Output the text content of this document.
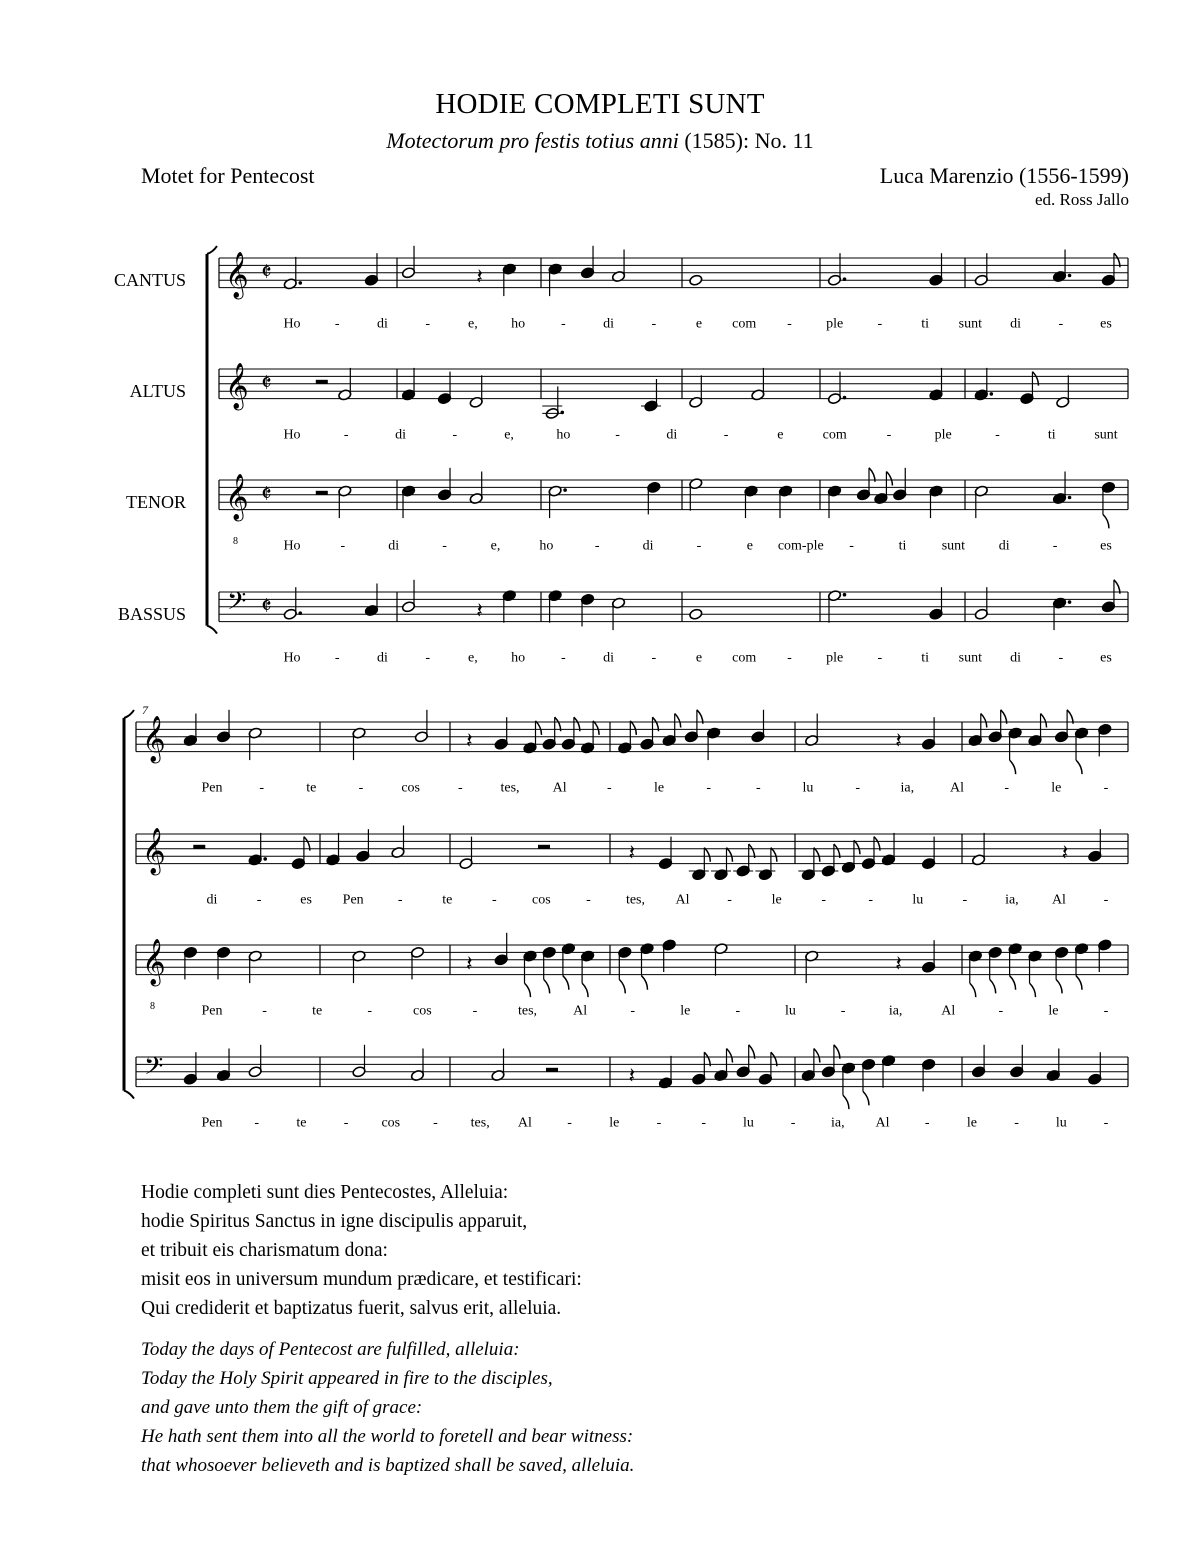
HODIE COMPLETI SUNT
Motectorum pro festis totius anni (1585): No. 11
Motet for Pentecost	Luca Marenzio (1556-1599)
ed. Ross Jallo
𝄞 𝄵	𝄽
Ho -	di	-	e, ho	-	di	-	e com - ple -	ti sunt di	-	es
CANTUS
𝄞 𝄵
Ho	-	di	-	e,	ho	-	di	-	e	com	-	ple	-	ti	sunt
ALTUS
𝄞
8
𝄵
Ho	-	di	-	e,	ho	-	di	-	e com-ple -	ti	sunt di	-	es
TENOR
𝄢 𝄵	𝄽
Ho -	di	-	e, ho	-	di	-	e com - ple -	ti sunt di	-	es
BASSUS
𝄞	𝄽	𝄽
Pen	-	te	-	cos	-	tes, Al	-	le	-	-	lu	-	ia,	Al	-	le	-
𝄞	𝄽	𝄽
di	-	es Pen -	te	-	cos	-	tes, Al	-	le	-	-	lu	-	ia, Al	-
𝄞
8
𝄽	𝄽
Pen	-	te	-	cos	-	tes,	Al	-	le	-	lu	-	ia,	Al	-	le	-
𝄢	𝄽
Pen -	te	- cos - tes, Al	-	le	-	-	lu	-	ia, Al	-	le	-	lu	-
7
Hodie completi sunt dies Pentecostes, Alleluia:
hodie Spiritus Sanctus in igne discipulis apparuit,
et tribuit eis charismatum dona:
misit eos in universum mundum prædicare, et testificari:
Qui crediderit et baptizatus fuerit, salvus erit, alleluia.
Today the days of Pentecost are fulfilled, alleluia:
Today the Holy Spirit appeared in fire to the disciples,
and gave unto them the gift of grace:
He hath sent them into all the world to foretell and bear witness:
that whosoever believeth and is baptized shall be saved, alleluia.
